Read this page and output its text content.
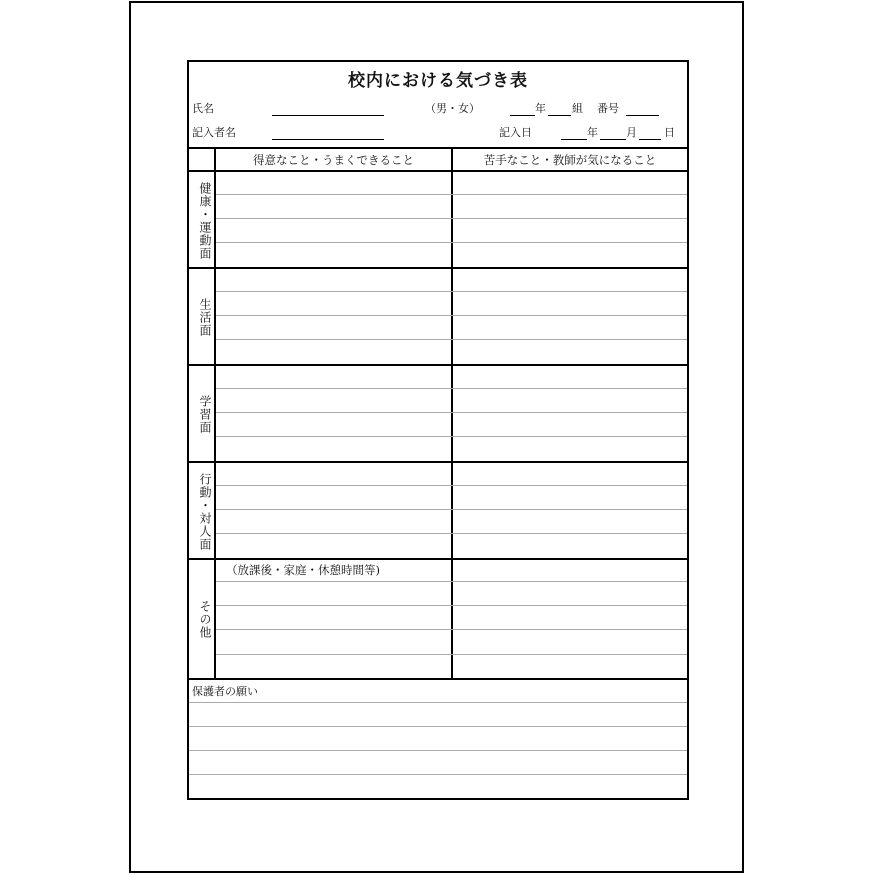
校内における気づき表
氏名	（男・女）	年 組 番号
記入者名	記入日	年	月 日
得意なこと・うまくできること	苦手なこと・教師が気になること
健康・運動面
生活面
学習面
行動・対人面
その他
（放課後・家庭・休憩時間等)
保護者の願い
